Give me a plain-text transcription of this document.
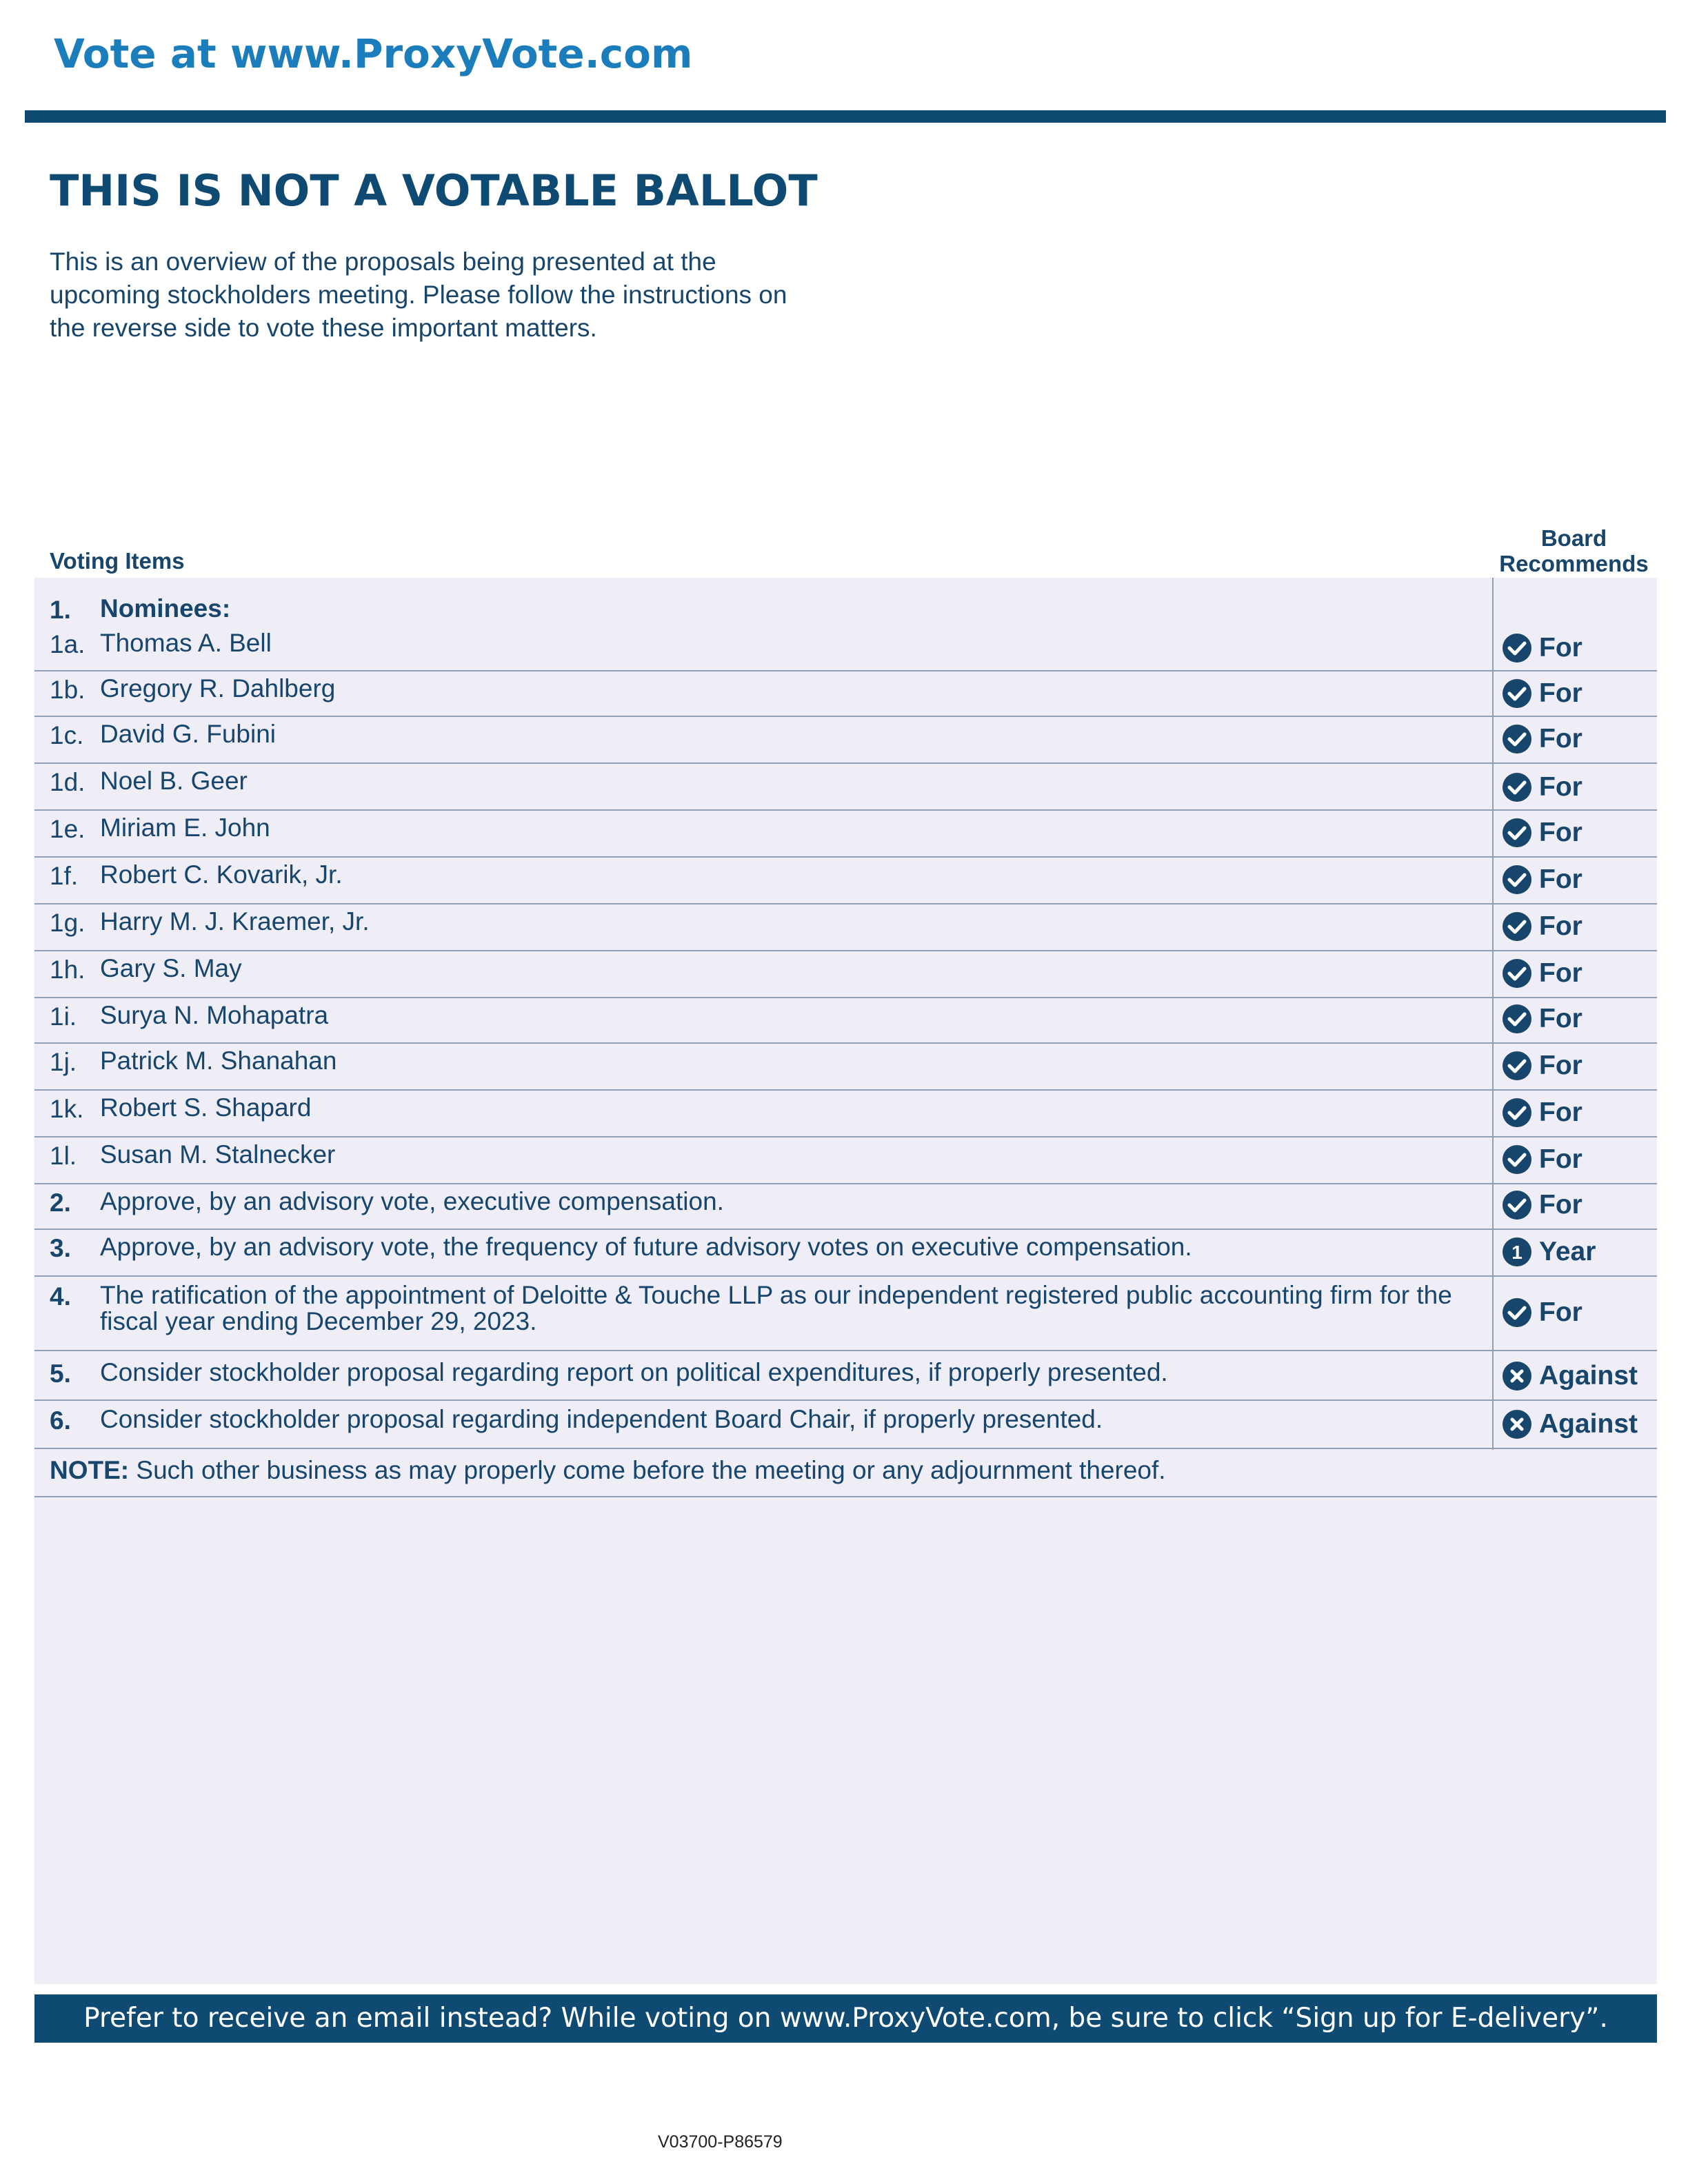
Vote at www.ProxyVote.com
THIS IS NOT A VOTABLE BALLOT
This is an overview of the proposals being presented at the upcoming stockholders meeting. Please follow the instructions on the reverse side to vote these important matters.
Voting Items
Board
Recommends
1. Nominees:
1a. Thomas A. Bell	For
1b. Gregory R. Dahlberg	For
1c. David G. Fubini	For
1d. Noel B. Geer	For
1e. Miriam E. John	For
1f. Robert C. Kovarik, Jr.	For
1g. Harry M. J. Kraemer, Jr.	For
1h. Gary S. May	For
1i. Surya N. Mohapatra	For
1j. Patrick M. Shanahan	For
1k. Robert S. Shapard	For
1l. Susan M. Stalnecker	For
2. Approve, by an advisory vote, executive compensation.	For
3. Approve, by an advisory vote, the frequency of future advisory votes on executive compensation.	1 Year
4. The ratification of the appointment of Deloitte & Touche LLP as our independent registered public accounting firm for the fiscal year ending December 29, 2023.	For
5. Consider stockholder proposal regarding report on political expenditures, if properly presented.	Against
6. Consider stockholder proposal regarding independent Board Chair, if properly presented.	Against
NOTE: Such other business as may properly come before the meeting or any adjournment thereof.
Prefer to receive an email instead? While voting on www.ProxyVote.com, be sure to click “Sign up for E-delivery”.
V03700-P86579
